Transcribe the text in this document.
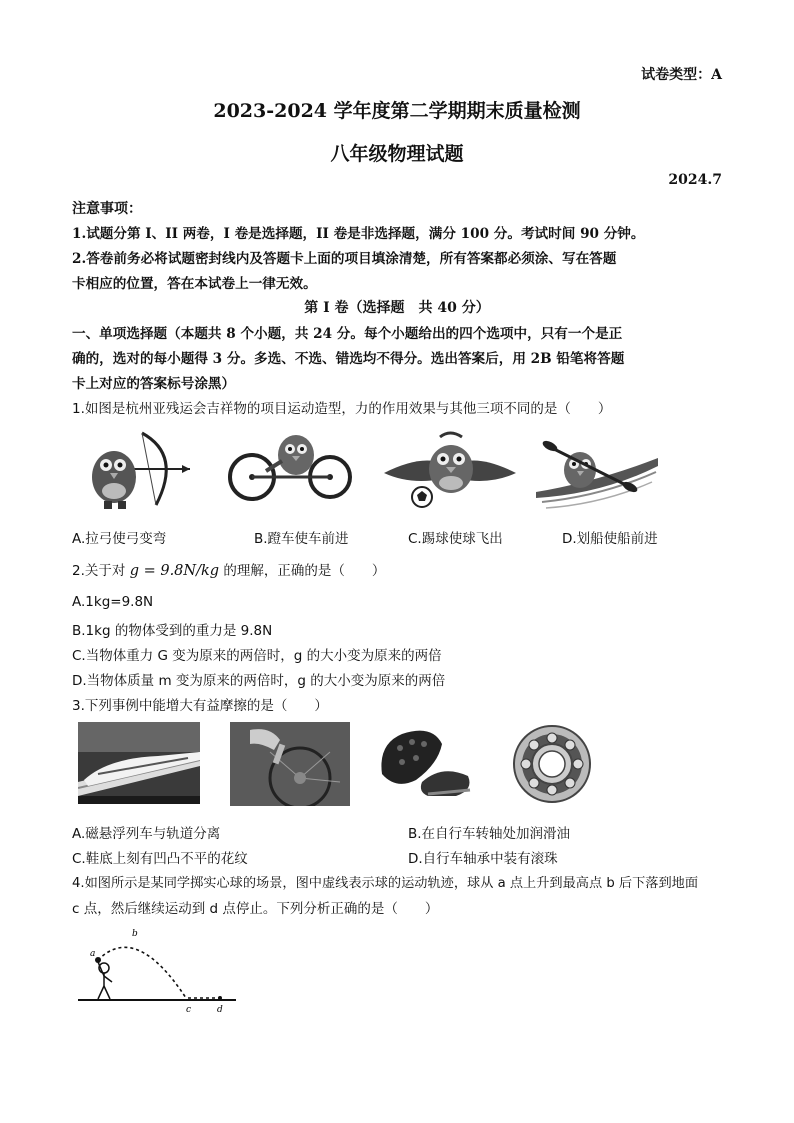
试卷类型：A
2023-2024 学年度第二学期期末质量检测
八年级物理试题
2024.7
注意事项：
1.试题分第 I、II 两卷，I 卷是选择题，II 卷是非选择题，满分 100 分。考试时间 90 分钟。
2.答卷前务必将试题密封线内及答题卡上面的项目填涂清楚，所有答案都必须涂、写在答题
卡相应的位置，答在本试卷上一律无效。
第 I 卷（选择题　共 40 分）
一、单项选择题（本题共 8 个小题，共 24 分。每个小题给出的四个选项中，只有一个是正
确的，选对的每小题得 3 分。多选、不选、错选均不得分。选出答案后，用 2B 铅笔将答题
卡上对应的答案标号涂黑）
1.如图是杭州亚残运会吉祥物的项目运动造型，力的作用效果与其他三项不同的是（　　）
A.拉弓使弓变弯	B.蹬车使车前进	C.踢球使球飞出	D.划船使船前进
2.关于对 g = 9.8N/kg 的理解，正确的是（　　）
A.1kg=9.8N
B.1kg 的物体受到的重力是 9.8N
C.当物体重力 G 变为原来的两倍时，g 的大小变为原来的两倍
D.当物体质量 m 变为原来的两倍时，g 的大小变为原来的两倍
3.下列事例中能增大有益摩擦的是（　　）
A.磁悬浮列车与轨道分离	B.在自行车转轴处加润滑油
C.鞋底上刻有凹凸不平的花纹	D.自行车轴承中装有滚珠
4.如图所示是某同学掷实心球的场景，图中虚线表示球的运动轨迹，球从 a 点上升到最高点 b 后下落到地面
c 点，然后继续运动到 d 点停止。下列分析正确的是（　　）
a
b
c	d
